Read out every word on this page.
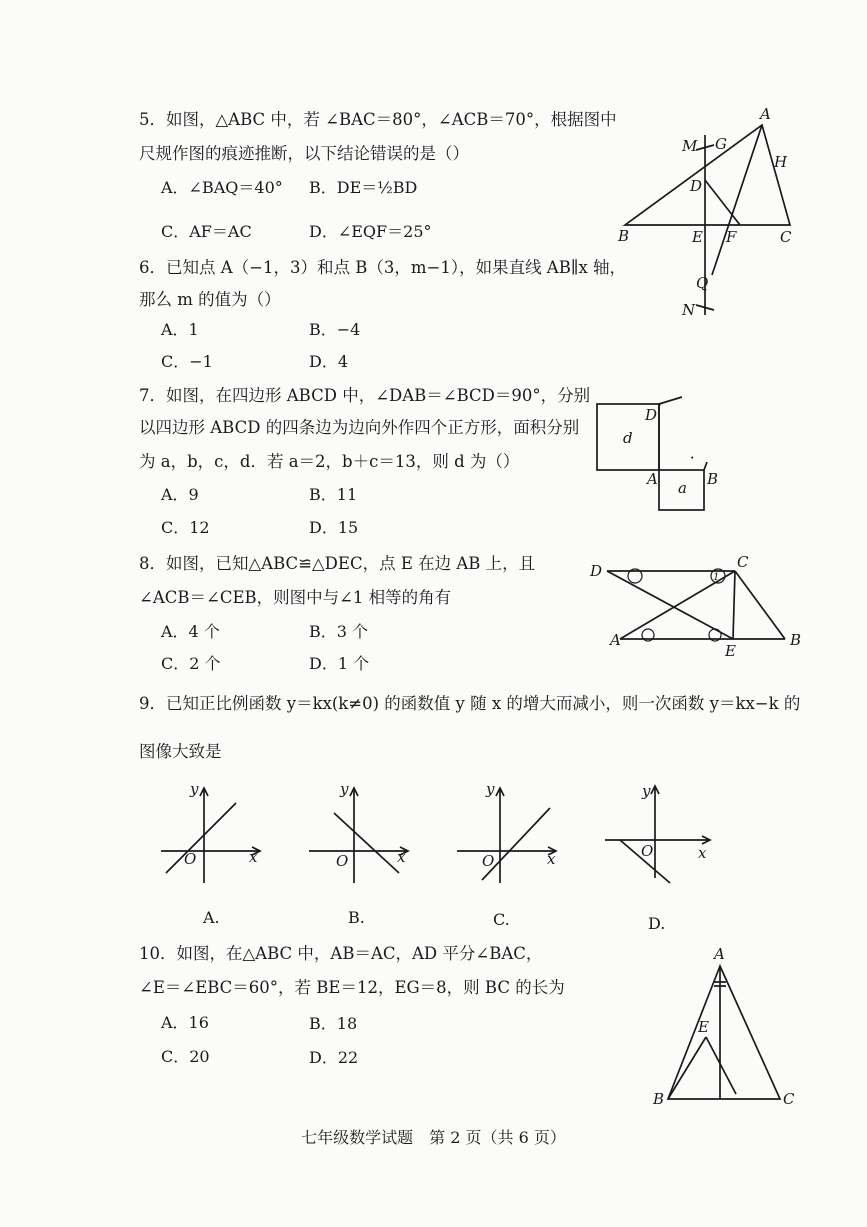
5．如图，△ABC 中，若 ∠BAC＝80°，∠ACB＝70°，根据图中
尺规作图的痕迹推断，以下结论错误的是（）
A．∠BAQ＝40° B．DE＝½BD
C．AF＝AC	D．∠EQF＝25°
6．已知点 A（−1，3）和点 B（3，m−1），如果直线 AB∥x 轴，
那么 m 的值为（）
A．1	B．−4
C．−1	D．4
7．如图，在四边形 ABCD 中，∠DAB＝∠BCD＝90°，分别
以四边形 ABCD 的四条边为边向外作四个正方形，面积分别
为 a，b，c，d．若 a＝2，b＋c＝13，则 d 为（）
A．9	B．11
C．12	D．15
8．如图，已知△ABC≌△DEC，点 E 在边 AB 上，且
∠ACB＝∠CEB，则图中与∠1 相等的角有
A．4 个	B．3 个
C．2 个	D．1 个
9．已知正比例函数 y＝kx(k≠0) 的函数值 y 随 x 的增大而减小，则一次函数 y＝kx−k 的
图像大致是
A.	B.	C.	D.
10．如图，在△ABC 中，AB＝AC，AD 平分∠BAC，
∠E＝∠EBC＝60°，若 BE＝12，EG＝8，则 BC 的长为
A．16	B．18
C．20	D．22
A
M G
H
D
B	E F	C
Q
N
D
d
A a B
1
D	C
A
E
B
y
x
O
y
x
O
y
x
O
y
x
O
A
E
B	C
七年级数学试题　第 2 页（共 6 页）
